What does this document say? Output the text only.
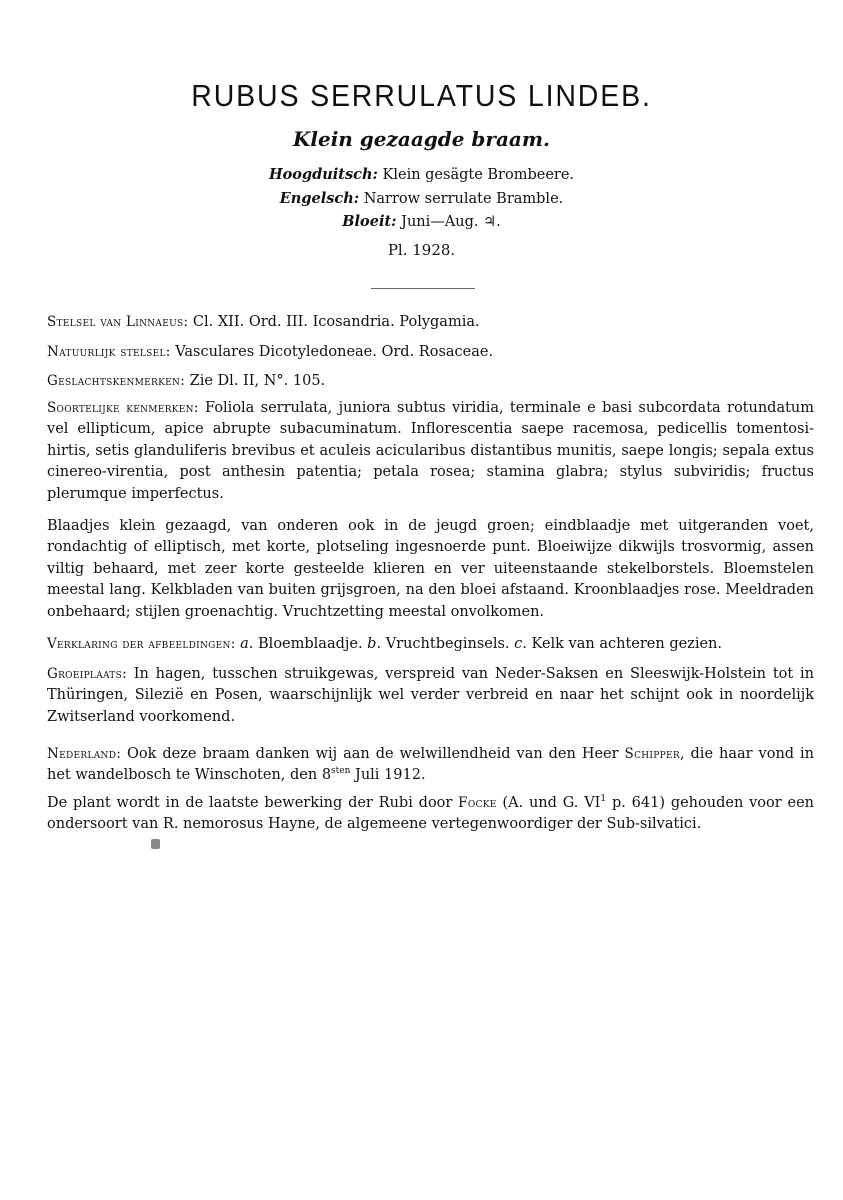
RUBUS SERRULATUS LINDEB.
Klein gezaagde braam.
Hoogduitsch: Klein gesägte Brombeere.
Engelsch: Narrow serrulate Bramble.
Bloeit: Juni—Aug. ♃.
Pl. 1928.

Stelsel van Linnaeus: Cl. XII. Ord. III. Icosandria. Polygamia.

Natuurlijk stelsel: Vasculares Dicotyledoneae. Ord. Rosaceae.

Geslachtskenmerken: Zie Dl. II, N°. 105.

Soortelijke kenmerken: Foliola serrulata, juniora subtus viridia, terminale e basi subcordata rotundatum vel ellipticum, apice abrupte subacuminatum. Inflorescentia saepe racemosa, pedicellis tomentosi-hirtis, setis glanduliferis brevibus et aculeis acicularibus distantibus munitis, saepe longis; sepala extus cinereo-virentia, post anthesin patentia; petala rosea; stamina glabra; stylus subviridis; fructus plerumque imperfectus.

Blaadjes klein gezaagd, van onderen ook in de jeugd groen; eindblaadje met uitgeranden voet, rondachtig of elliptisch, met korte, plotseling ingesnoerde punt. Bloeiwijze dikwijls trosvormig, assen viltig behaard, met zeer korte gesteelde klieren en ver uiteenstaande stekelborstels. Bloemstelen meestal lang. Kelkbladen van buiten grijsgroen, na den bloei afstaand. Kroonblaadjes rose. Meeldraden onbehaard; stijlen groenachtig. Vruchtzetting meestal onvolkomen.

Verklaring der afbeeldingen: a. Bloemblaadje. b. Vruchtbeginsels. c. Kelk van achteren gezien.

Groeiplaats: In hagen, tusschen struikgewas, verspreid van Neder-Saksen en Sleeswijk-Holstein tot in Thüringen, Silezië en Posen, waarschijnlijk wel verder verbreid en naar het schijnt ook in noordelijk Zwitserland voorkomend.

Nederland: Ook deze braam danken wij aan de welwillendheid van den Heer Schipper, die haar vond in het wandelbosch te Winschoten, den $8^{sten}$ Juli 1912.

De plant wordt in de laatste bewerking der Rubi door Focke (A. und G. $VI^1$ p. 641) gehouden voor een ondersoort van R. nemorosus Hayne, de algemeene vertegenwoordiger der Sub-silvatici.
